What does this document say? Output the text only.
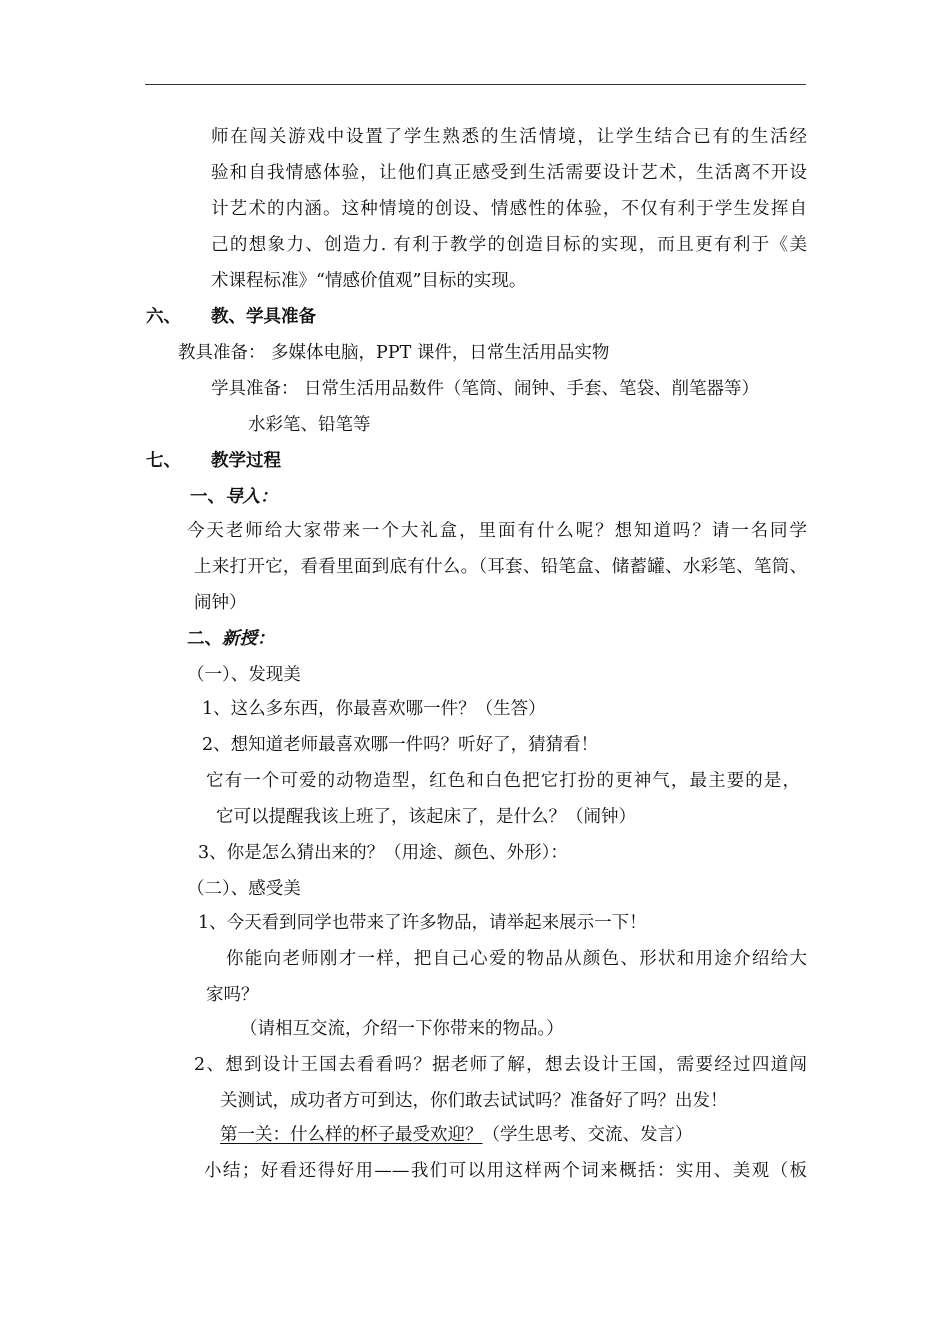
师在闯关游戏中设置了学生熟悉的生活情境，让学生结合已有的生活经
验和自我情感体验，让他们真正感受到生活需要设计艺术，生活离不开设
计艺术的内涵。这种情境的创设、情感性的体验，不仅有利于学生发挥自
己的想象力、创造力. 有利于教学的创造目标的实现，而且更有利于《美
术课程标准》“情感价值观”目标的实现。
六、 教、学具准备
教具准备： 多媒体电脑，PPT 课件，日常生活用品实物
学具准备： 日常生活用品数件（笔筒、闹钟、手套、笔袋、削笔器等）
水彩笔、铅笔等
七、 教学过程
一、导入：
今天老师给大家带来一个大礼盒，里面有什么呢？想知道吗？请一名同学
上来打开它，看看里面到底有什么。（耳套、铅笔盒、储蓄罐、水彩笔、笔筒、
闹钟）
二、新授：
（一）、发现美
1、这么多东西，你最喜欢哪一件？（生答）
2、想知道老师最喜欢哪一件吗？听好了，猜猜看！
它有一个可爱的动物造型，红色和白色把它打扮的更神气，最主要的是，
它可以提醒我该上班了，该起床了，是什么？（闹钟）
3、你是怎么猜出来的？（用途、颜色、外形）：
（二）、感受美
1、今天看到同学也带来了许多物品，请举起来展示一下！
你能向老师刚才一样，把自己心爱的物品从颜色、形状和用途介绍给大
家吗？
（请相互交流，介绍一下你带来的物品。）
2、想到设计王国去看看吗？据老师了解，想去设计王国，需要经过四道闯
关测试，成功者方可到达，你们敢去试试吗？准备好了吗？出发！
第一关：什么样的杯子最受欢迎？（学生思考、交流、发言）
小结；好看还得好用——我们可以用这样两个词来概括：实用、美观（板
